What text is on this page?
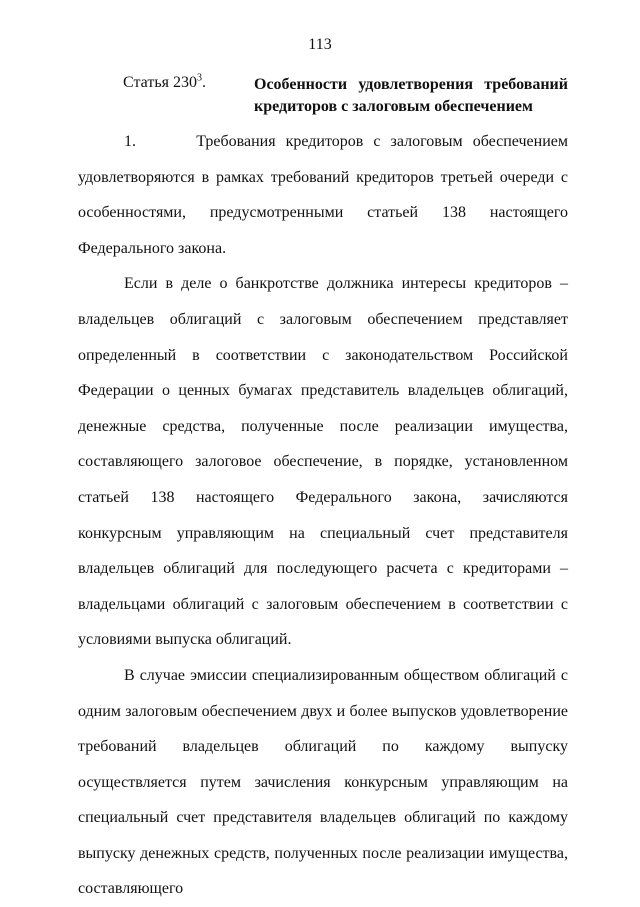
113
Статья $230^3$.	Особенности удовлетворения требований кредиторов с залоговым обеспечением

1.      Требования кредиторов с залоговым обеспечением удовлетворяются в рамках требований кредиторов третьей очереди с особенностями, предусмотренными статьей 138 настоящего Федерального закона.

Если в деле о банкротстве должника интересы кредиторов – владельцев облигаций с залоговым обеспечением представляет определенный в соответствии с законодательством Российской Федерации о ценных бумагах представитель владельцев облигаций, денежные средства, полученные после реализации имущества, составляющего залоговое обеспечение, в порядке, установленном статьей 138 настоящего Федерального закона, зачисляются конкурсным управляющим на специальный счет представителя владельцев облигаций для последующего расчета с кредиторами – владельцами облигаций с залоговым обеспечением в соответствии с условиями выпуска облигаций.

В случае эмиссии специализированным обществом облигаций с одним залоговым обеспечением двух и более выпусков удовлетворение требований владельцев облигаций по каждому выпуску осуществляется путем зачисления конкурсным управляющим на специальный счет представителя владельцев облигаций по каждому выпуску денежных средств, полученных после реализации имущества, составляющего
